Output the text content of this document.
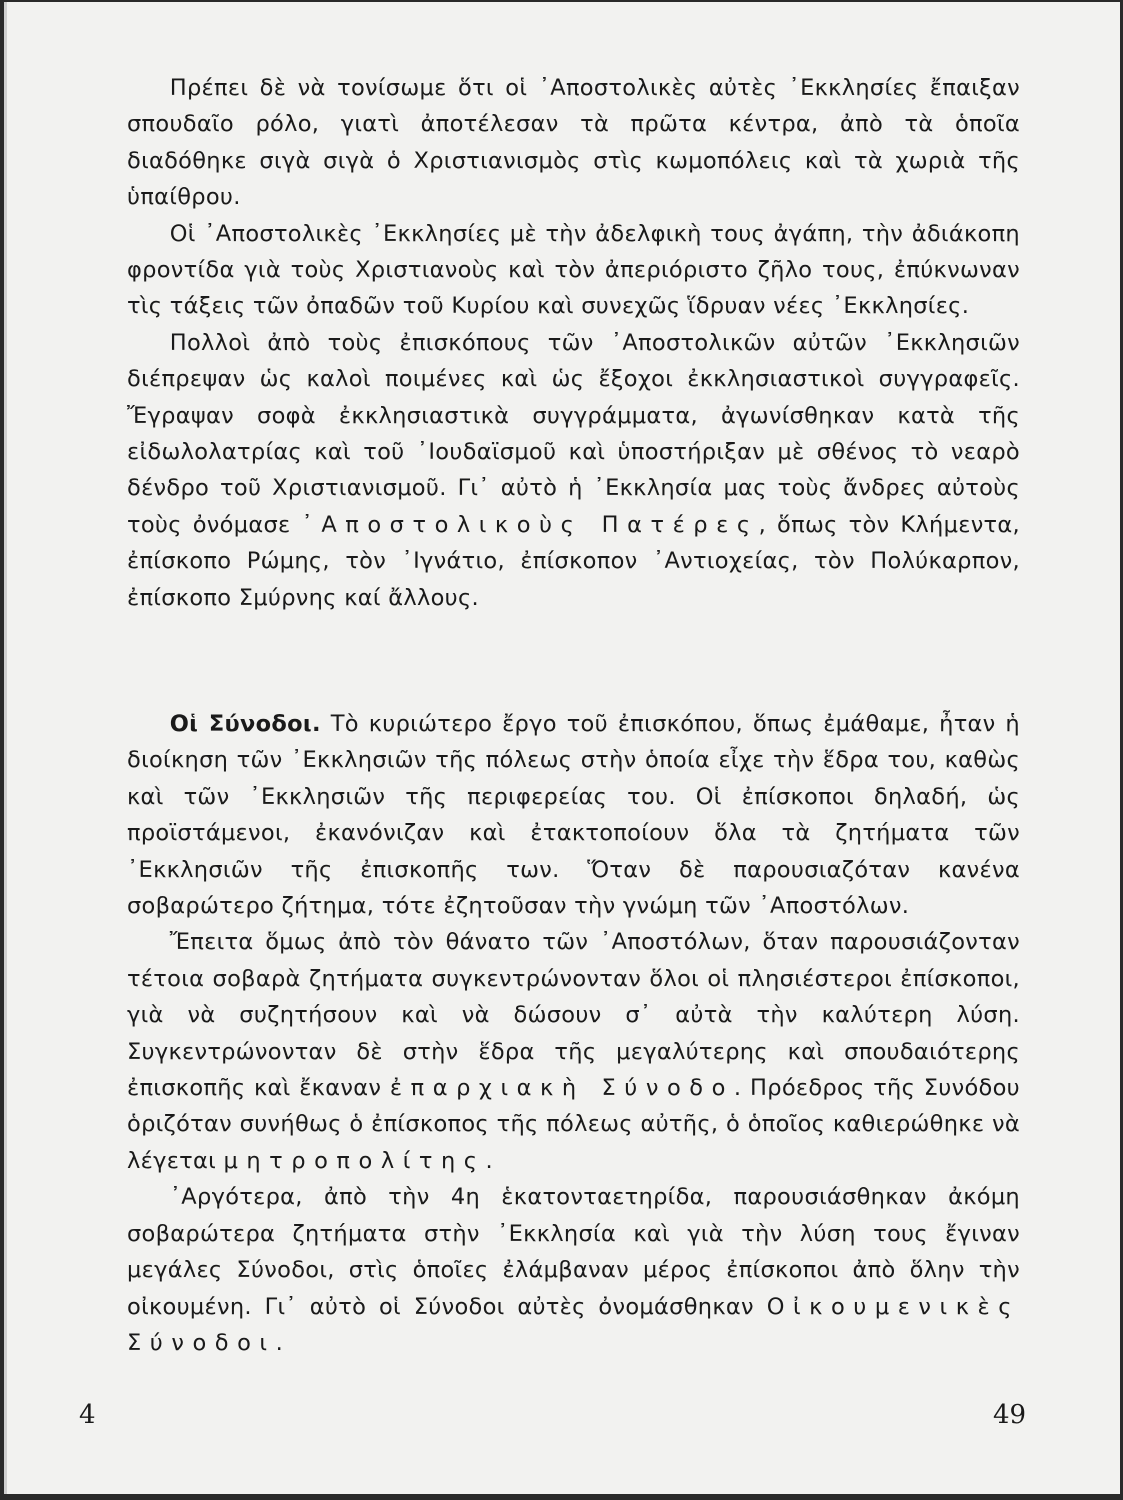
Πρέπει δὲ νὰ τονίσωμε ὅτι οἱ ᾿Αποστολικὲς αὐτὲς ᾿Εκκλησίες ἔπαιξαν σπουδαῖο ρόλο, γιατὶ ἀποτέλεσαν τὰ πρῶτα κέντρα, ἀπὸ τὰ ὁποῖα διαδόθηκε σιγὰ σιγὰ ὁ Χριστιανισμὸς στὶς κωμοπόλεις καὶ τὰ χωριὰ τῆς ὑπαίθρου.

Οἱ ᾿Αποστολικὲς ᾿Εκκλησίες μὲ τὴν ἀδελφικὴ τους ἀγάπη, τὴν ἀδιάκοπη φροντίδα γιὰ τοὺς Χριστιανοὺς καὶ τὸν ἀπεριόριστο ζῆλο τους, ἐπύκνωναν τὶς τάξεις τῶν ὀπαδῶν τοῦ Κυρίου καὶ συνεχῶς ἵδρυαν νέες ᾿Εκκλησίες.

Πολλοὶ ἀπὸ τοὺς ἐπισκόπους τῶν ᾿Αποστολικῶν αὐτῶν ᾿Εκκλησιῶν διέπρεψαν ὡς καλοὶ ποιμένες καὶ ὡς ἔξοχοι ἐκκλησιαστικοὶ συγγραφεῖς. Ἔγραψαν σοφὰ ἐκκλησιαστικὰ συγγράμματα, ἀγωνίσθηκαν κατὰ τῆς εἰδωλολατρίας καὶ τοῦ ᾿Ιουδαϊσμοῦ καὶ ὑποστήριξαν μὲ σθένος τὸ νεαρὸ δένδρο τοῦ Χριστιανισμοῦ. Γι᾿ αὐτὸ ἡ ᾿Εκκλησία μας τοὺς ἄνδρες αὐτοὺς τοὺς ὀνόμασε ᾿Αποστολικοὺς Πατέρες, ὅπως τὸν Κλήμεντα, ἐπίσκοπο Ρώμης, τὸν ᾿Ιγνάτιο, ἐπίσκοπον ᾿Αντιοχείας, τὸν Πολύκαρπον, ἐπίσκοπο Σμύρνης καί ἄλλους.

Οἱ Σύνοδοι. Τὸ κυριώτερο ἔργο τοῦ ἐπισκόπου, ὅπως ἐμάθαμε, ἦταν ἡ διοίκηση τῶν ᾿Εκκλησιῶν τῆς πόλεως στὴν ὁποία εἶχε τὴν ἕδρα του, καθὼς καὶ τῶν ᾿Εκκλησιῶν τῆς περιφερείας του. Οἱ ἐπίσκοποι δηλαδή, ὡς προϊστάμενοι, ἐκανόνιζαν καὶ ἐτακτοποίουν ὅλα τὰ ζητήματα τῶν ᾿Εκκλησιῶν τῆς ἐπισκοπῆς των. Ὅταν δὲ παρουσιαζόταν κανένα σοβαρώτερο ζήτημα, τότε ἐζητοῦσαν τὴν γνώμη τῶν ᾿Αποστόλων.

Ἔπειτα ὅμως ἀπὸ τὸν θάνατο τῶν ᾿Αποστόλων, ὅταν παρουσιάζονταν τέτοια σοβαρὰ ζητήματα συγκεντρώνονταν ὅλοι οἱ πλησιέστεροι ἐπίσκοποι, γιὰ νὰ συζητήσουν καὶ νὰ δώσουν σ᾿ αὐτὰ τὴν καλύτερη λύση. Συγκεντρώνονταν δὲ στὴν ἕδρα τῆς μεγαλύτερης καὶ σπουδαιότερης ἐπισκοπῆς καὶ ἔκαναν ἐπαρχιακὴ Σύνοδο. Πρόεδρος τῆς Συνόδου ὁριζόταν συνήθως ὁ ἐπίσκοπος τῆς πόλεως αὐτῆς, ὁ ὁποῖος καθιερώθηκε νὰ λέγεται μητροπολίτης.

᾿Αργότερα, ἀπὸ τὴν 4η ἑκατονταετηρίδα, παρουσιάσθηκαν ἀκόμη σοβαρώτερα ζητήματα στὴν ᾿Εκκλησία καὶ γιὰ τὴν λύση τους ἔγιναν μεγάλες Σύνοδοι, στὶς ὁποῖες ἐλάμβαναν μέρος ἐπίσκοποι ἀπὸ ὅλην τὴν οἰκουμένη. Γι᾿ αὐτὸ οἱ Σύνοδοι αὐτὲς ὀνομάσθηκαν Οἰκουμενικὲς Σύνοδοι.

4	49
